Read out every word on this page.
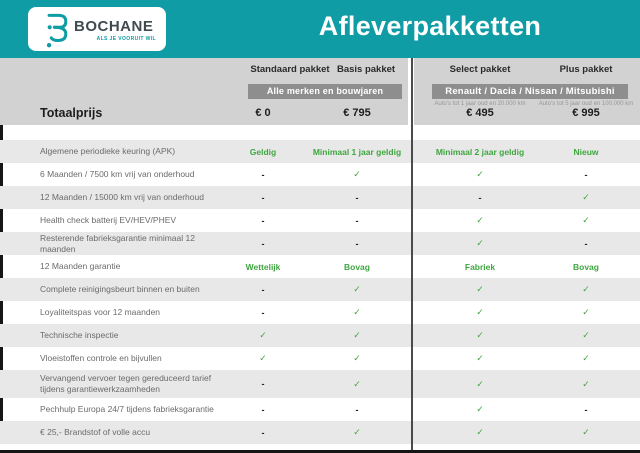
BOCHANE
ALS JE VOORUIT WIL	Afleverpakketten
Standaard pakket Basis pakket	Select pakket	Plus pakket
Alle merken en bouwjaren	Renault / Dacia / Nissan / Mitsubishi
Auto's tot 1 jaar oud en 20.000 km	Auto's tot 5 jaar oud en 100.000 km
Totaalprijs	€ 0	€ 795	€ 495	€ 995
Algemene periodieke keuring (APK)	Geldig	Minimaal 1 jaar geldig	Minimaal 2 jaar geldig	Nieuw
6 Maanden / 7500 km vrij van onderhoud	-	✓	✓	-
12 Maanden / 15000 km vrij van onderhoud	-	-	-	✓
Health check batterij EV/HEV/PHEV	-	-	✓	✓
Resterende fabrieksgarantie minimaal 12 maanden	-	-	✓	-
12 Maanden garantie	Wettelijk	Bovag	Fabriek	Bovag
Complete reinigingsbeurt binnen en buiten	-	✓	✓	✓
Loyaliteitspas voor 12 maanden	-	✓	✓	✓
Technische inspectie	✓	✓	✓	✓
Vloeistoffen controle en bijvullen	✓	✓	✓	✓
Vervangend vervoer tegen gereduceerd tarief tijdens garantiewerkzaamheden	-	✓	✓	✓
Pechhulp Europa 24/7 tijdens fabrieksgarantie	-	-	✓	-
€ 25,- Brandstof of volle accu	-	✓	✓	✓
